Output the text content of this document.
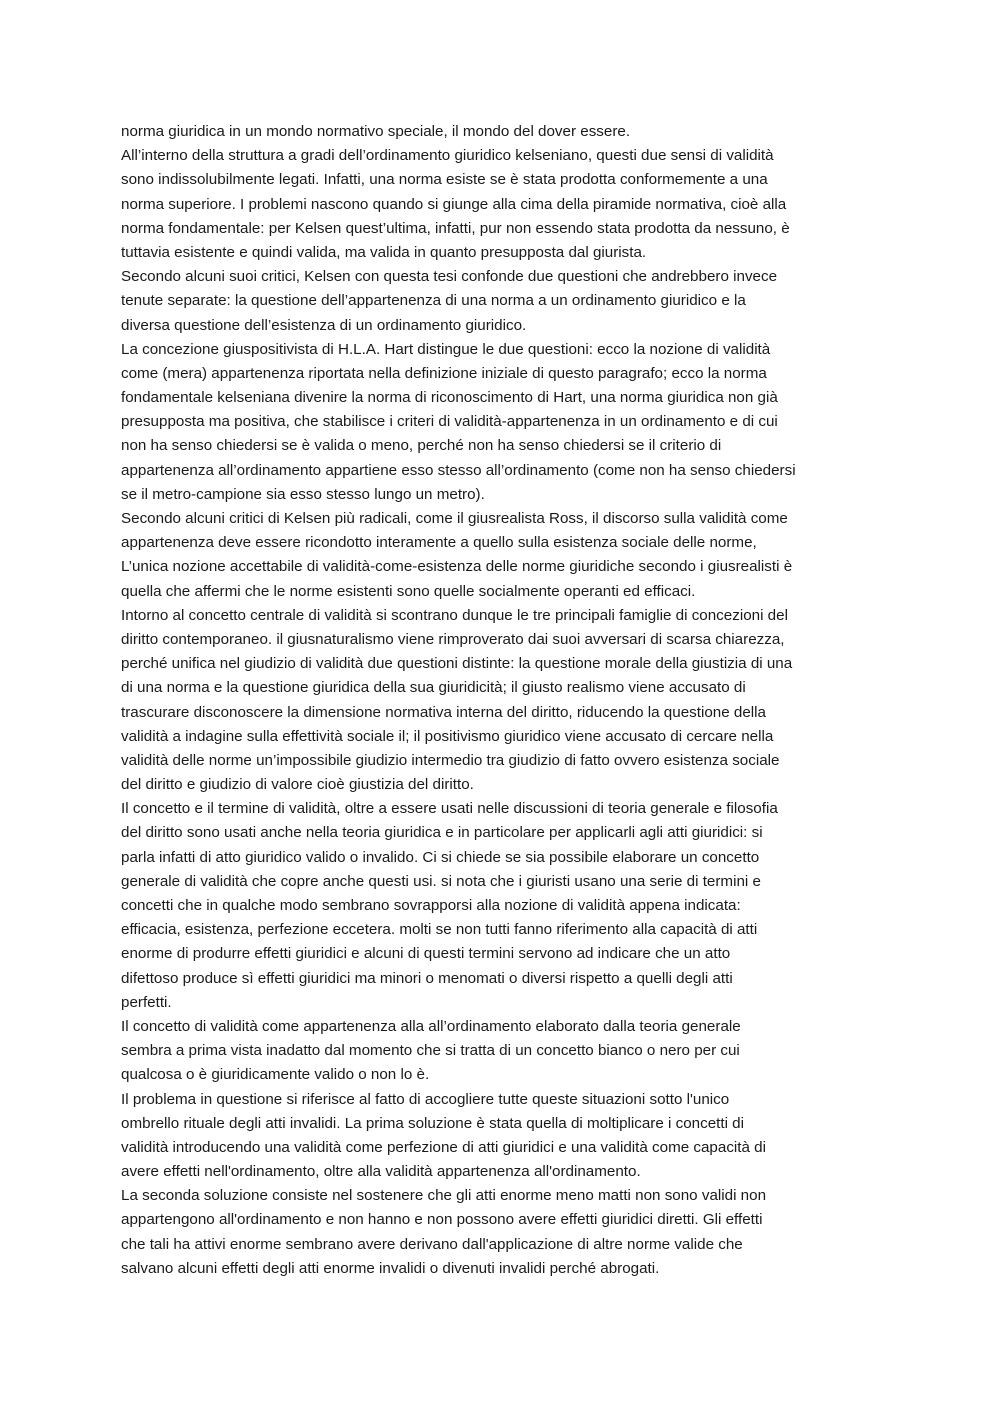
norma giuridica in un mondo normativo speciale, il mondo del dover essere.
All’interno della struttura a gradi dell’ordinamento giuridico kelseniano, questi due sensi di validità
sono indissolubilmente legati. Infatti, una norma esiste se è stata prodotta conformemente a una
norma superiore. I problemi nascono quando si giunge alla cima della piramide normativa, cioè alla
norma fondamentale: per Kelsen quest’ultima, infatti, pur non essendo stata prodotta da nessuno, è
tuttavia esistente e quindi valida, ma valida in quanto presupposta dal giurista.
Secondo alcuni suoi critici, Kelsen con questa tesi confonde due questioni che andrebbero invece
tenute separate: la questione dell’appartenenza di una norma a un ordinamento giuridico e la
diversa questione dell’esistenza di un ordinamento giuridico.
La concezione giuspositivista di H.L.A. Hart distingue le due questioni: ecco la nozione di validità
come (mera) appartenenza riportata nella definizione iniziale di questo paragrafo; ecco la norma
fondamentale kelseniana divenire la norma di riconoscimento di Hart, una norma giuridica non già
presupposta ma positiva, che stabilisce i criteri di validità-appartenenza in un ordinamento e di cui
non ha senso chiedersi se è valida o meno, perché non ha senso chiedersi se il criterio di
appartenenza all’ordinamento appartiene esso stesso all’ordinamento (come non ha senso chiedersi
se il metro-campione sia esso stesso lungo un metro).
Secondo alcuni critici di Kelsen più radicali, come il giusrealista Ross, il discorso sulla validità come
appartenenza deve essere ricondotto interamente a quello sulla esistenza sociale delle norme,
L’unica nozione accettabile di validità-come-esistenza delle norme giuridiche secondo i giusrealisti è
quella che affermi che le norme esistenti sono quelle socialmente operanti ed efficaci.
Intorno al concetto centrale di validità si scontrano dunque le tre principali famiglie di concezioni del
diritto contemporaneo. il giusnaturalismo viene rimproverato dai suoi avversari di scarsa chiarezza,
perché unifica nel giudizio di validità due questioni distinte: la questione morale della giustizia di una
di una norma e la questione giuridica della sua giuridicità; il giusto realismo viene accusato di
trascurare disconoscere la dimensione normativa interna del diritto, riducendo la questione della
validità a indagine sulla effettività sociale il; il positivismo giuridico viene accusato di cercare nella
validità delle norme un’impossibile giudizio intermedio tra giudizio di fatto ovvero esistenza sociale
del diritto e giudizio di valore cioè giustizia del diritto.
Il concetto e il termine di validità, oltre a essere usati nelle discussioni di teoria generale e filosofia
del diritto sono usati anche nella teoria giuridica e in particolare per applicarli agli atti giuridici: si
parla infatti di atto giuridico valido o invalido. Ci si chiede se sia possibile elaborare un concetto
generale di validità che copre anche questi usi. si nota che i giuristi usano una serie di termini e
concetti che in qualche modo sembrano sovrapporsi alla nozione di validità appena indicata:
efficacia, esistenza, perfezione eccetera. molti se non tutti fanno riferimento alla capacità di atti
enorme di produrre effetti giuridici e alcuni di questi termini servono ad indicare che un atto
difettoso produce sì effetti giuridici ma minori o menomati o diversi rispetto a quelli degli atti
perfetti.
Il concetto di validità come appartenenza alla all’ordinamento elaborato dalla teoria generale
sembra a prima vista inadatto dal momento che si tratta di un concetto bianco o nero per cui
qualcosa o è giuridicamente valido o non lo è.
Il problema in questione si riferisce al fatto di accogliere tutte queste situazioni sotto l'unico
ombrello rituale degli atti invalidi. La prima soluzione è stata quella di moltiplicare i concetti di
validità introducendo una validità come perfezione di atti giuridici e una validità come capacità di
avere effetti nell'ordinamento, oltre alla validità appartenenza all'ordinamento.
La seconda soluzione consiste nel sostenere che gli atti enorme meno matti non sono validi non
appartengono all'ordinamento e non hanno e non possono avere effetti giuridici diretti. Gli effetti
che tali ha attivi enorme sembrano avere derivano dall'applicazione di altre norme valide che
salvano alcuni effetti degli atti enorme invalidi o divenuti invalidi perché abrogati.
